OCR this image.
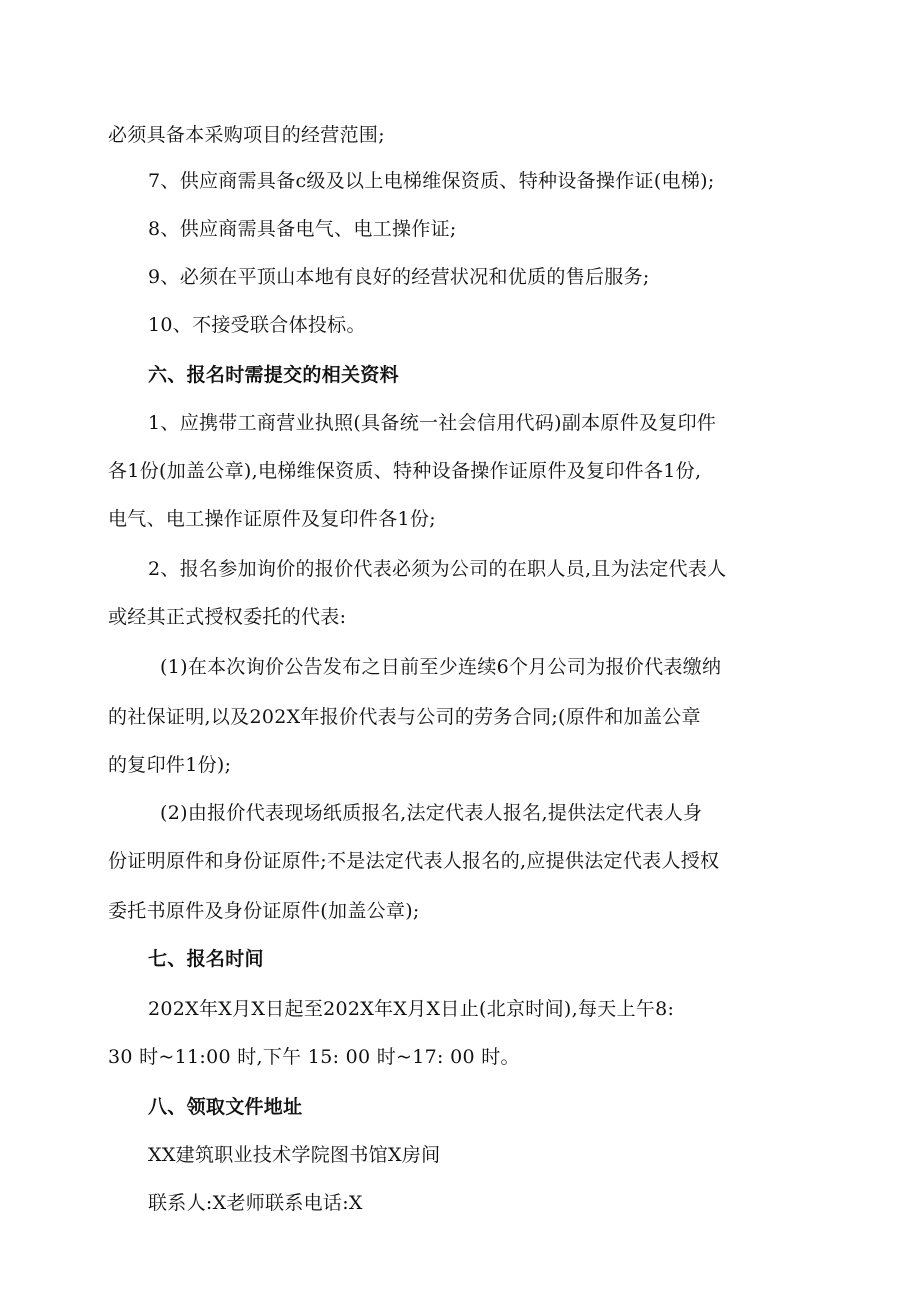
必须具备本采购项目的经营范围;
7、供应商需具备c级及以上电梯维保资质、特种设备操作证(电梯);
8、供应商需具备电气、电工操作证;
9、必须在平顶山本地有良好的经营状况和优质的售后服务;
10、不接受联合体投标。
六、报名时需提交的相关资料
1、应携带工商营业执照(具备统一社会信用代码)副本原件及复印件
各1份(加盖公章),电梯维保资质、特种设备操作证原件及复印件各1份,
电气、电工操作证原件及复印件各1份;
2、报名参加询价的报价代表必须为公司的在职人员,且为法定代表人
或经其正式授权委托的代表:
(1)在本次询价公告发布之日前至少连续6个月公司为报价代表缴纳
的社保证明,以及202X年报价代表与公司的劳务合同;(原件和加盖公章
的复印件1份);
(2)由报价代表现场纸质报名,法定代表人报名,提供法定代表人身
份证明原件和身份证原件;不是法定代表人报名的,应提供法定代表人授权
委托书原件及身份证原件(加盖公章);
七、报名时间
202X年X月X日起至202X年X月X日止(北京时间),每天上午8:
30 时~11:00 时,下午 15: 00 时~17: 00 时。
八、领取文件地址
XX建筑职业技术学院图书馆X房间
联系人:X老师联系电话:X
